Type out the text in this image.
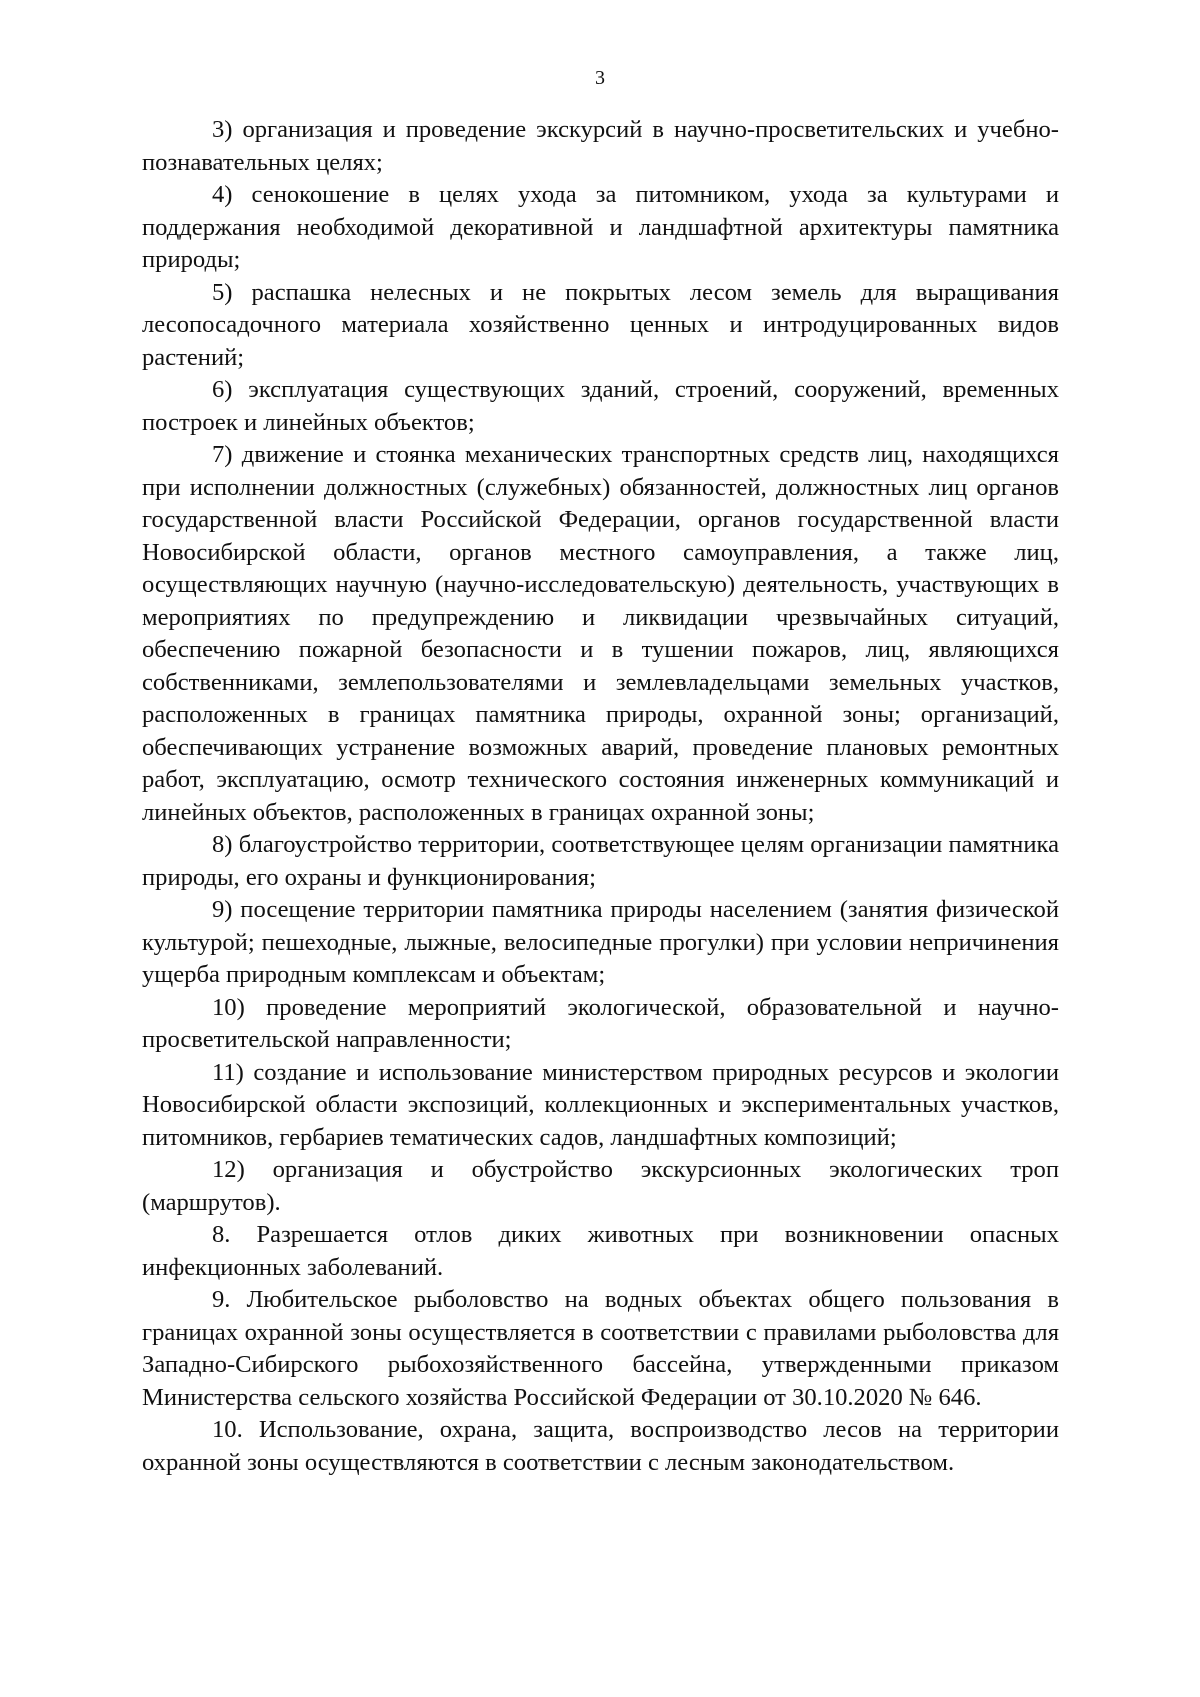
3

3) организация и проведение экскурсий в научно-просветительских и учебно-познавательных целях;

4) сенокошение в целях ухода за питомником, ухода за культурами и поддержания необходимой декоративной и ландшафтной архитектуры памятника природы;

5) распашка нелесных и не покрытых лесом земель для выращивания лесопосадочного материала хозяйственно ценных и интродуцированных видов растений;

6) эксплуатация существующих зданий, строений, сооружений, временных построек и линейных объектов;

7) движение и стоянка механических транспортных средств лиц, находящихся при исполнении должностных (служебных) обязанностей, должностных лиц органов государственной власти Российской Федерации, органов государственной власти Новосибирской области, органов местного самоуправления, а также лиц, осуществляющих научную (научно-исследовательскую) деятельность, участвующих в мероприятиях по предупреждению и ликвидации чрезвычайных ситуаций, обеспечению пожарной безопасности и в тушении пожаров, лиц, являющихся собственниками, землепользователями и землевладельцами земельных участков, расположенных в границах памятника природы, охранной зоны; организаций, обеспечивающих устранение возможных аварий, проведение плановых ремонтных работ, эксплуатацию, осмотр технического состояния инженерных коммуникаций и линейных объектов, расположенных в границах охранной зоны;

8) благоустройство территории, соответствующее целям организации памятника природы, его охраны и функционирования;

9) посещение территории памятника природы населением (занятия физической культурой; пешеходные, лыжные, велосипедные прогулки) при условии непричинения ущерба природным комплексам и объектам;

10) проведение мероприятий экологической, образовательной и научно-просветительской направленности;

11) создание и использование министерством природных ресурсов и экологии Новосибирской области экспозиций, коллекционных и экспериментальных участков, питомников, гербариев тематических садов, ландшафтных композиций;

12) организация и обустройство экскурсионных экологических троп (маршрутов).

8. Разрешается отлов диких животных при возникновении опасных инфекционных заболеваний.

9. Любительское рыболовство на водных объектах общего пользования в границах охранной зоны осуществляется в соответствии с правилами рыболовства для Западно-Сибирского рыбохозяйственного бассейна, утвержденными приказом Министерства сельского хозяйства Российской Федерации от 30.10.2020 № 646.

10. Использование, охрана, защита, воспроизводство лесов на территории охранной зоны осуществляются в соответствии с лесным законодательством.
